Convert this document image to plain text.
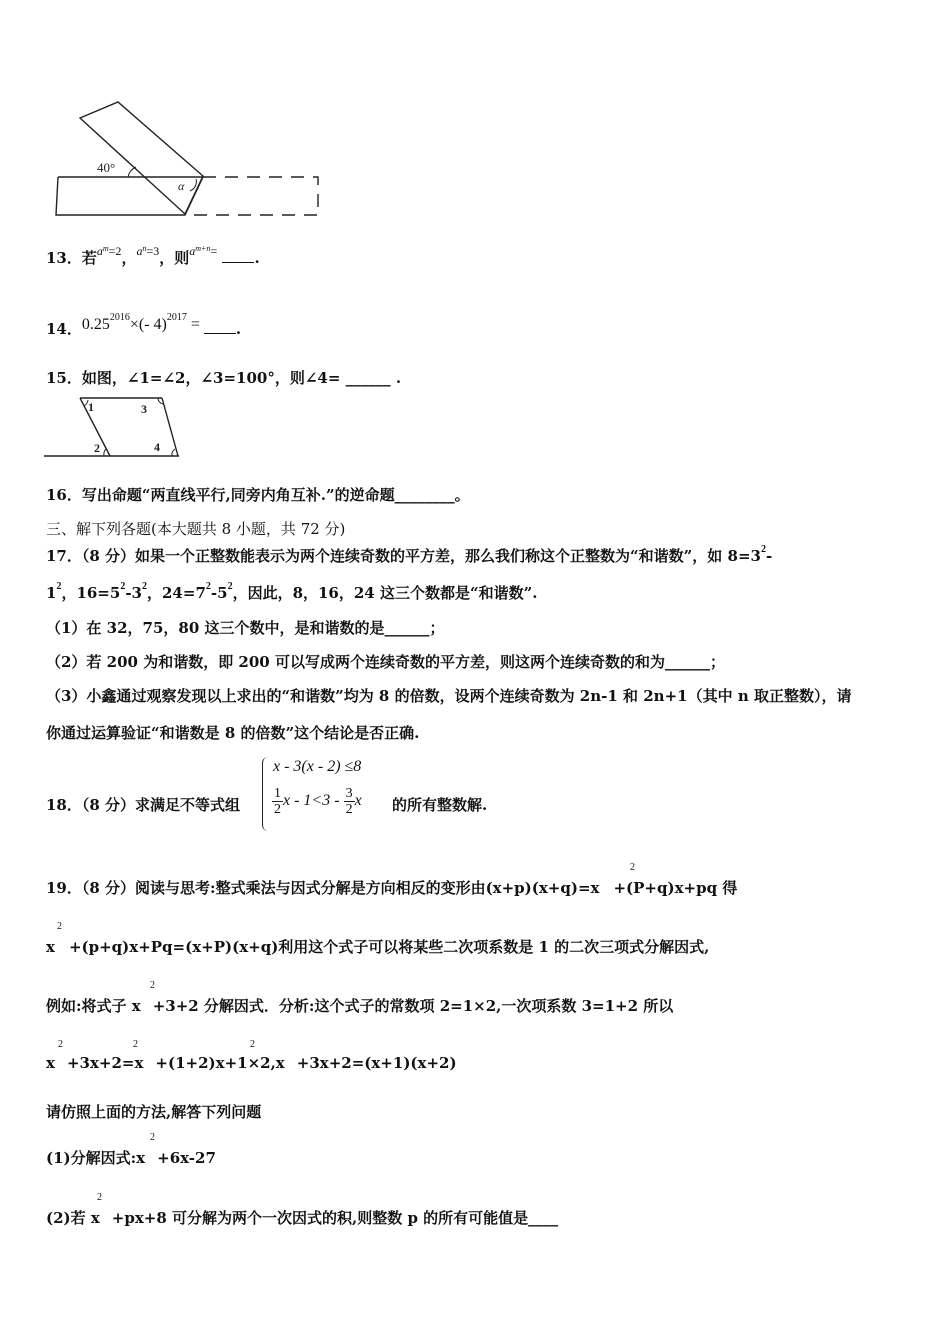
40°
α
13．若$^{a^m=2}$，$^{a^n=3}$，则$^{a^{m+n}=}$ .
14．$0.25^{2016}\times(-$ 4)$^{2017}$ = .
15．如图，∠1=∠2，∠3=100°，则∠4= ______ .
1
2
3
4
16．写出命题“两直线平行,同旁内角互补.”的逆命题________。
三、解下列各题(本大题共 8 小题，共 72 分)
17．（8 分）如果一个正整数能表示为两个连续奇数的平方差，那么我们称这个正整数为“和谐数”，如 $8=3^2-$
$1^2$，$16=5^2-3^2$，$24=7^2-5^2$，因此，8，16，24 这三个数都是“和谐数”.
（1）在 32，75，80 这三个数中，是和谐数的是______；
（2）若 200 为和谐数，即 200 可以写成两个连续奇数的平方差，则这两个连续奇数的和为______；
（3）小鑫通过观察发现以上求出的“和谐数”均为 8 的倍数，设两个连续奇数为 2n-1 和 2n+1（其中 n 取正整数），请
你通过运算验证“和谐数是 8 的倍数”这个结论是否正确.
18．（8 分）求满足不等式组
x - 3(x - 2) ≤8
$\frac{1}{2}$ $x - 1<3 - \frac{3}{2}$ x 的所有整数解.
19．（8 分）阅读与思考:整式乘法与因式分解是方向相反的变形由(x+p)(x+q)=x +(P+q)x+pq 得
2
x +(p+q)x+Pq=(x+P)(x+q)利用这个式子可以将某些二次项系数是 1 的二次三项式分解因式,
2
例如:将式子 x +3+2 分解因式．分析:这个式子的常数项 2=1×2,一次项系数 3=1+2 所以
2
x +3x+2=x +(1+2)x+1×2,x +3x+2=(x+1)(x+2)
2	2	2
请仿照上面的方法,解答下列问题
(1)分解因式:x +6x-27
2
(2)若 x +px+8 可分解为两个一次因式的积,则整数 p 的所有可能值是____
2
